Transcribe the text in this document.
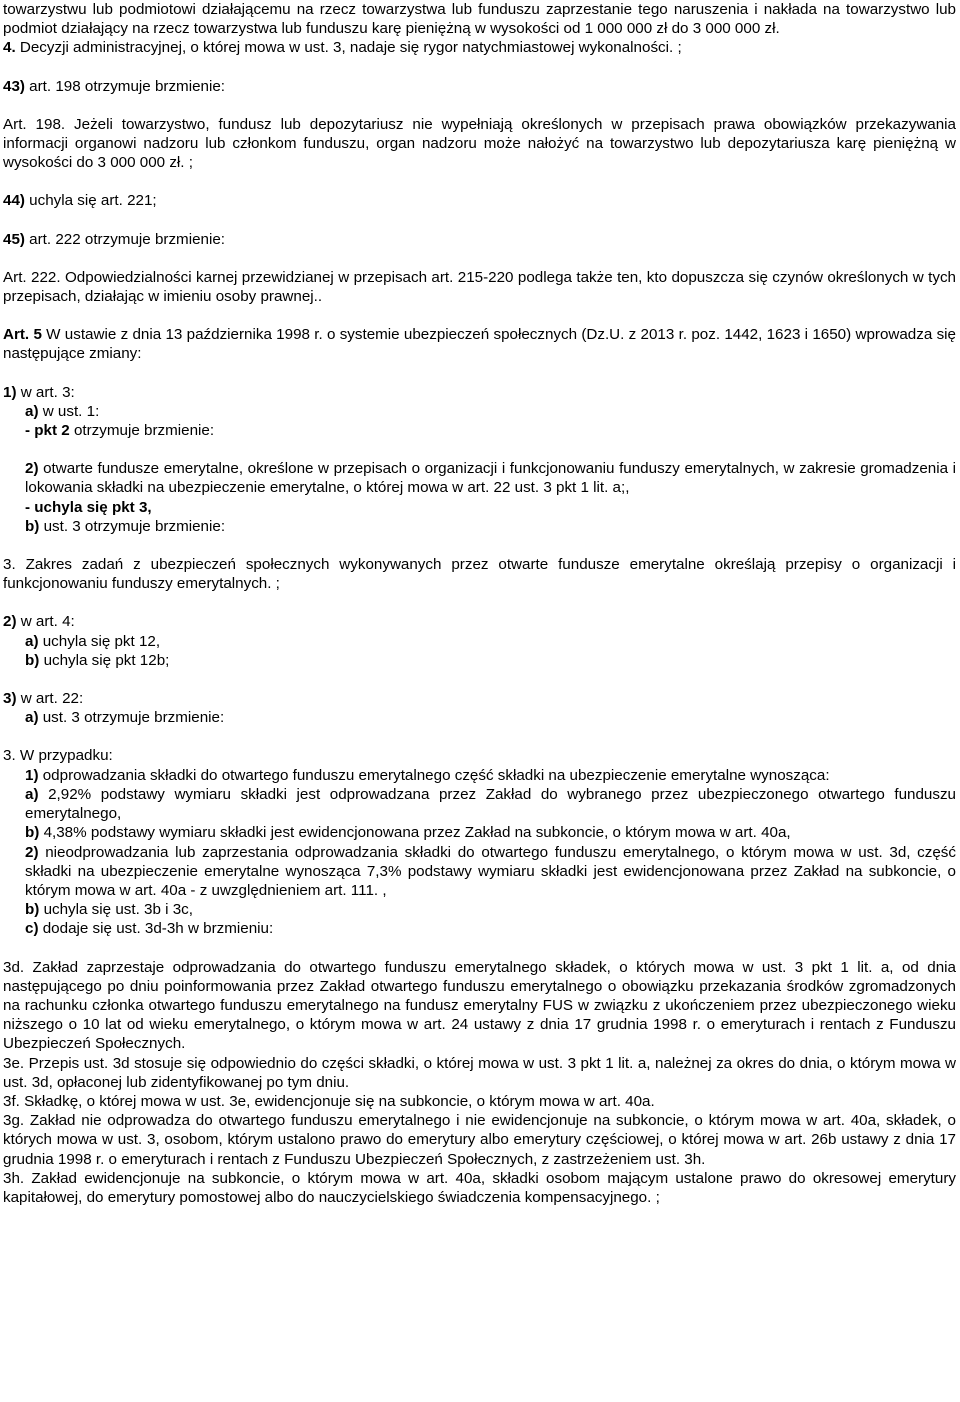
towarzystwu lub podmiotowi działającemu na rzecz towarzystwa lub funduszu zaprzestanie tego naruszenia i nakłada na towarzystwo lub podmiot działający na rzecz towarzystwa lub funduszu karę pieniężną w wysokości od 1 000 000 zł do 3 000 000 zł.

4. Decyzji administracyjnej, o której mowa w ust. 3, nadaje się rygor natychmiastowej wykonalności. ;

43) art. 198 otrzymuje brzmienie:

Art. 198. Jeżeli towarzystwo, fundusz lub depozytariusz nie wypełniają określonych w przepisach prawa obowiązków przekazywania informacji organowi nadzoru lub członkom funduszu, organ nadzoru może nałożyć na towarzystwo lub depozytariusza karę pieniężną w wysokości do 3 000 000 zł. ;

44) uchyla się art. 221;

45) art. 222 otrzymuje brzmienie:

Art. 222. Odpowiedzialności karnej przewidzianej w przepisach art. 215-220 podlega także ten, kto dopuszcza się czynów określonych w tych przepisach, działając w imieniu osoby prawnej..

Art. 5 W ustawie z dnia 13 października 1998 r. o systemie ubezpieczeń społecznych (Dz.U. z 2013 r. poz. 1442, 1623 i 1650) wprowadza się następujące zmiany:

1) w art. 3:

a) w ust. 1:

- pkt 2 otrzymuje brzmienie:

2) otwarte fundusze emerytalne, określone w przepisach o organizacji i funkcjonowaniu funduszy emerytalnych, w zakresie gromadzenia i lokowania składki na ubezpieczenie emerytalne, o której mowa w art. 22 ust. 3 pkt 1 lit. a;,

- uchyla się pkt 3,

b) ust. 3 otrzymuje brzmienie:

3. Zakres zadań z ubezpieczeń społecznych wykonywanych przez otwarte fundusze emerytalne określają przepisy o organizacji i funkcjonowaniu funduszy emerytalnych. ;

2) w art. 4:

a) uchyla się pkt 12,

b) uchyla się pkt 12b;

3) w art. 22:

a) ust. 3 otrzymuje brzmienie:

3. W przypadku:

1) odprowadzania składki do otwartego funduszu emerytalnego część składki na ubezpieczenie emerytalne wynosząca:

a) 2,92% podstawy wymiaru składki jest odprowadzana przez Zakład do wybranego przez ubezpieczonego otwartego funduszu emerytalnego,

b) 4,38% podstawy wymiaru składki jest ewidencjonowana przez Zakład na subkoncie, o którym mowa w art. 40a,

2) nieodprowadzania lub zaprzestania odprowadzania składki do otwartego funduszu emerytalnego, o którym mowa w ust. 3d, część składki na ubezpieczenie emerytalne wynosząca 7,3% podstawy wymiaru składki jest ewidencjonowana przez Zakład na subkoncie, o którym mowa w art. 40a - z uwzględnieniem art. 111. ,

b) uchyla się ust. 3b i 3c,

c) dodaje się ust. 3d-3h w brzmieniu:

3d. Zakład zaprzestaje odprowadzania do otwartego funduszu emerytalnego składek, o których mowa w ust. 3 pkt 1 lit. a, od dnia następującego po dniu poinformowania przez Zakład otwartego funduszu emerytalnego o obowiązku przekazania środków zgromadzonych na rachunku członka otwartego funduszu emerytalnego na fundusz emerytalny FUS w związku z ukończeniem przez ubezpieczonego wieku niższego o 10 lat od wieku emerytalnego, o którym mowa w art. 24 ustawy z dnia 17 grudnia 1998 r. o emeryturach i rentach z Funduszu Ubezpieczeń Społecznych.

3e. Przepis ust. 3d stosuje się odpowiednio do części składki, o której mowa w ust. 3 pkt 1 lit. a, należnej za okres do dnia, o którym mowa w ust. 3d, opłaconej lub zidentyfikowanej po tym dniu.

3f. Składkę, o której mowa w ust. 3e, ewidencjonuje się na subkoncie, o którym mowa w art. 40a.

3g. Zakład nie odprowadza do otwartego funduszu emerytalnego i nie ewidencjonuje na subkoncie, o którym mowa w art. 40a, składek, o których mowa w ust. 3, osobom, którym ustalono prawo do emerytury albo emerytury częściowej, o której mowa w art. 26b ustawy z dnia 17 grudnia 1998 r. o emeryturach i rentach z Funduszu Ubezpieczeń Społecznych, z zastrzeżeniem ust. 3h.

3h. Zakład ewidencjonuje na subkoncie, o którym mowa w art. 40a, składki osobom mającym ustalone prawo do okresowej emerytury kapitałowej, do emerytury pomostowej albo do nauczycielskiego świadczenia kompensacyjnego. ;
